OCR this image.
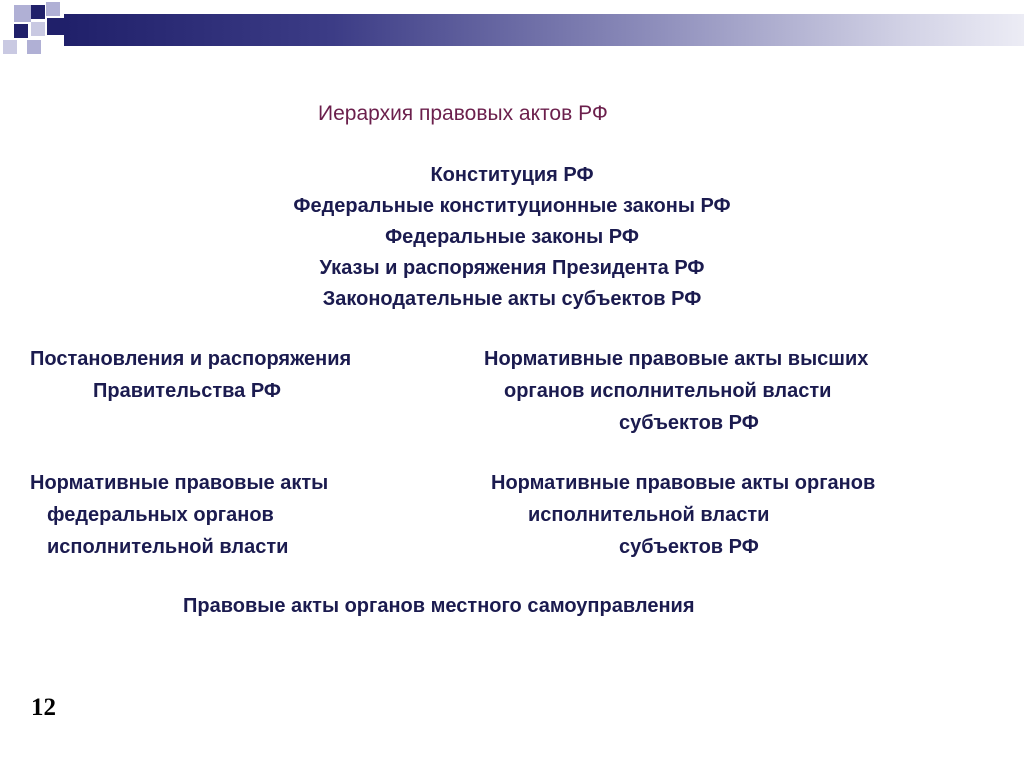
Иерархия правовых актов РФ
Конституция РФ
Федеральные конституционные законы РФ
Федеральные законы РФ
Указы и распоряжения Президента РФ
Законодательные акты субъектов РФ
Постановления и распоряжения
Правительства РФ
Нормативные правовые акты высших
органов исполнительной власти
субъектов РФ
Нормативные правовые акты
федеральных органов
исполнительной власти
Нормативные правовые акты органов
исполнительной власти
субъектов РФ
Правовые акты органов местного самоуправления
12
